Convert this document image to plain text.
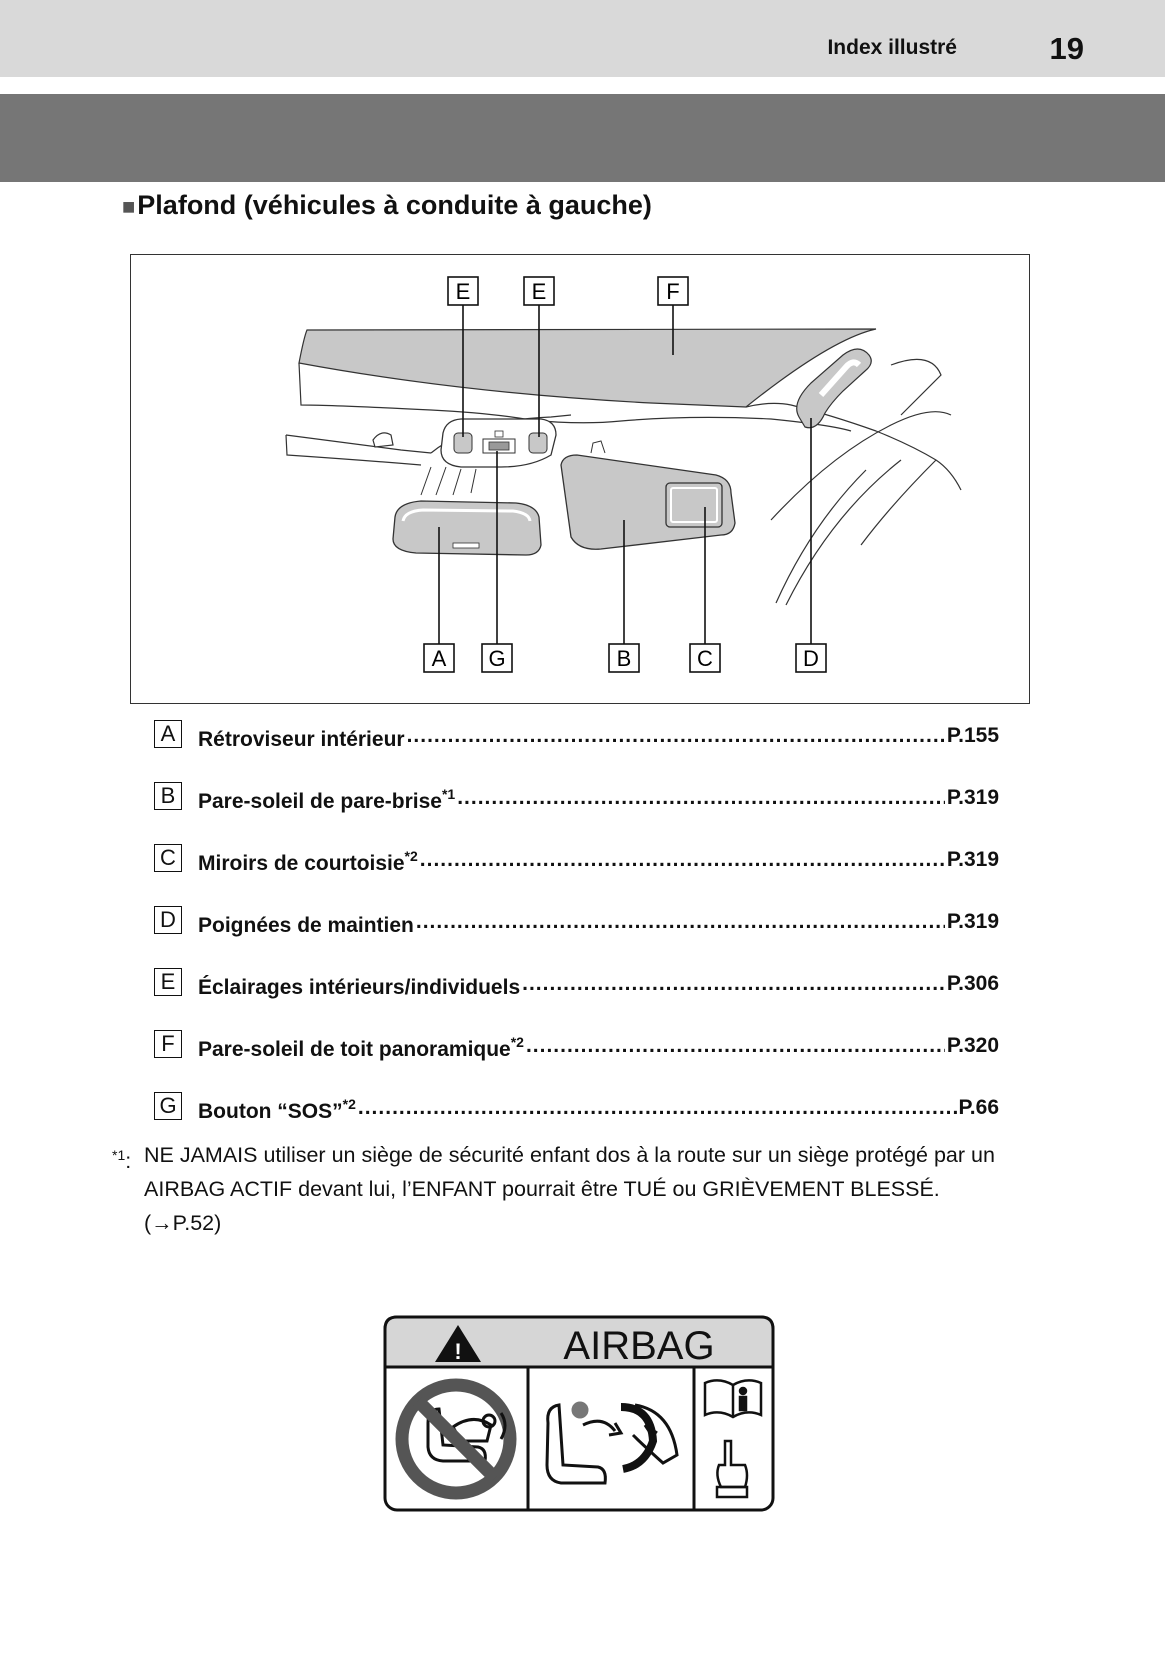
Index illustré	19
■Plafond (véhicules à conduite à gauche)
E	E	F
A G	B	C	D
A	Rétroviseur intérieur .....	P.155
B	Pare-soleil de pare-brise$^{*1}$ .....	P.319
C Miroirs de courtoisie$^{*2}$ .....	P.319
D Poignées de maintien .....	P.319
E	Éclairages intérieurs/individuels .....	P.306
F	Pare-soleil de toit panoramique$^{*2}$ .....	P.320
G Bouton “SOS”$^{*2}$ .....	P.66
$^{*1}$: NE JAMAIS utiliser un siège de sécurité enfant dos à la route sur un siège protégé par un AIRBAG ACTIF devant lui, l’ENFANT pourrait être TUÉ ou GRIÈVEMENT BLESSÉ.
(→P.52)
!	AIRBAG
